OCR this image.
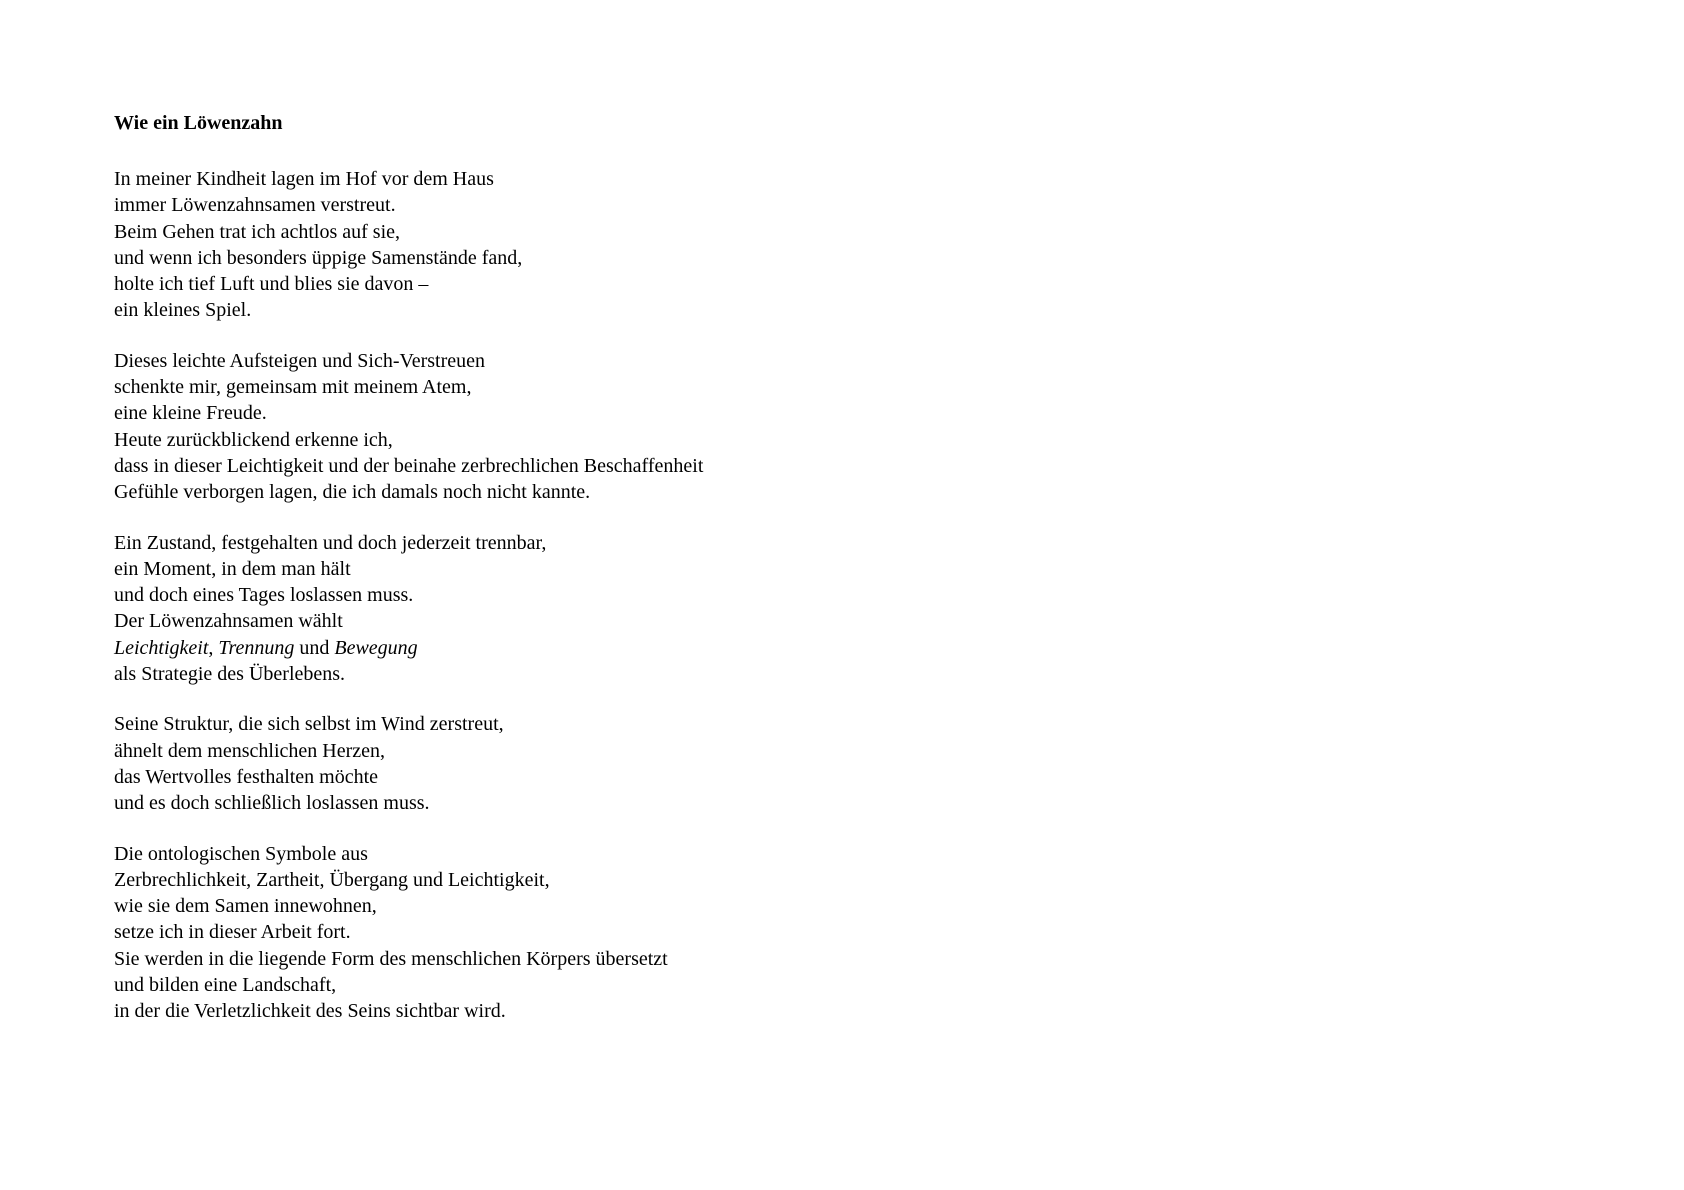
Wie ein Löwenzahn
In meiner Kindheit lagen im Hof vor dem Haus
immer Löwenzahnsamen verstreut.
Beim Gehen trat ich achtlos auf sie,
und wenn ich besonders üppige Samenstände fand,
holte ich tief Luft und blies sie davon –
ein kleines Spiel.
Dieses leichte Aufsteigen und Sich-Verstreuen
schenkte mir, gemeinsam mit meinem Atem,
eine kleine Freude.
Heute zurückblickend erkenne ich,
dass in dieser Leichtigkeit und der beinahe zerbrechlichen Beschaffenheit
Gefühle verborgen lagen, die ich damals noch nicht kannte.
Ein Zustand, festgehalten und doch jederzeit trennbar,
ein Moment, in dem man hält
und doch eines Tages loslassen muss.
Der Löwenzahnsamen wählt
Leichtigkeit, Trennung und Bewegung
als Strategie des Überlebens.
Seine Struktur, die sich selbst im Wind zerstreut,
ähnelt dem menschlichen Herzen,
das Wertvolles festhalten möchte
und es doch schließlich loslassen muss.
Die ontologischen Symbole aus
Zerbrechlichkeit, Zartheit, Übergang und Leichtigkeit,
wie sie dem Samen innewohnen,
setze ich in dieser Arbeit fort.
Sie werden in die liegende Form des menschlichen Körpers übersetzt
und bilden eine Landschaft,
in der die Verletzlichkeit des Seins sichtbar wird.
